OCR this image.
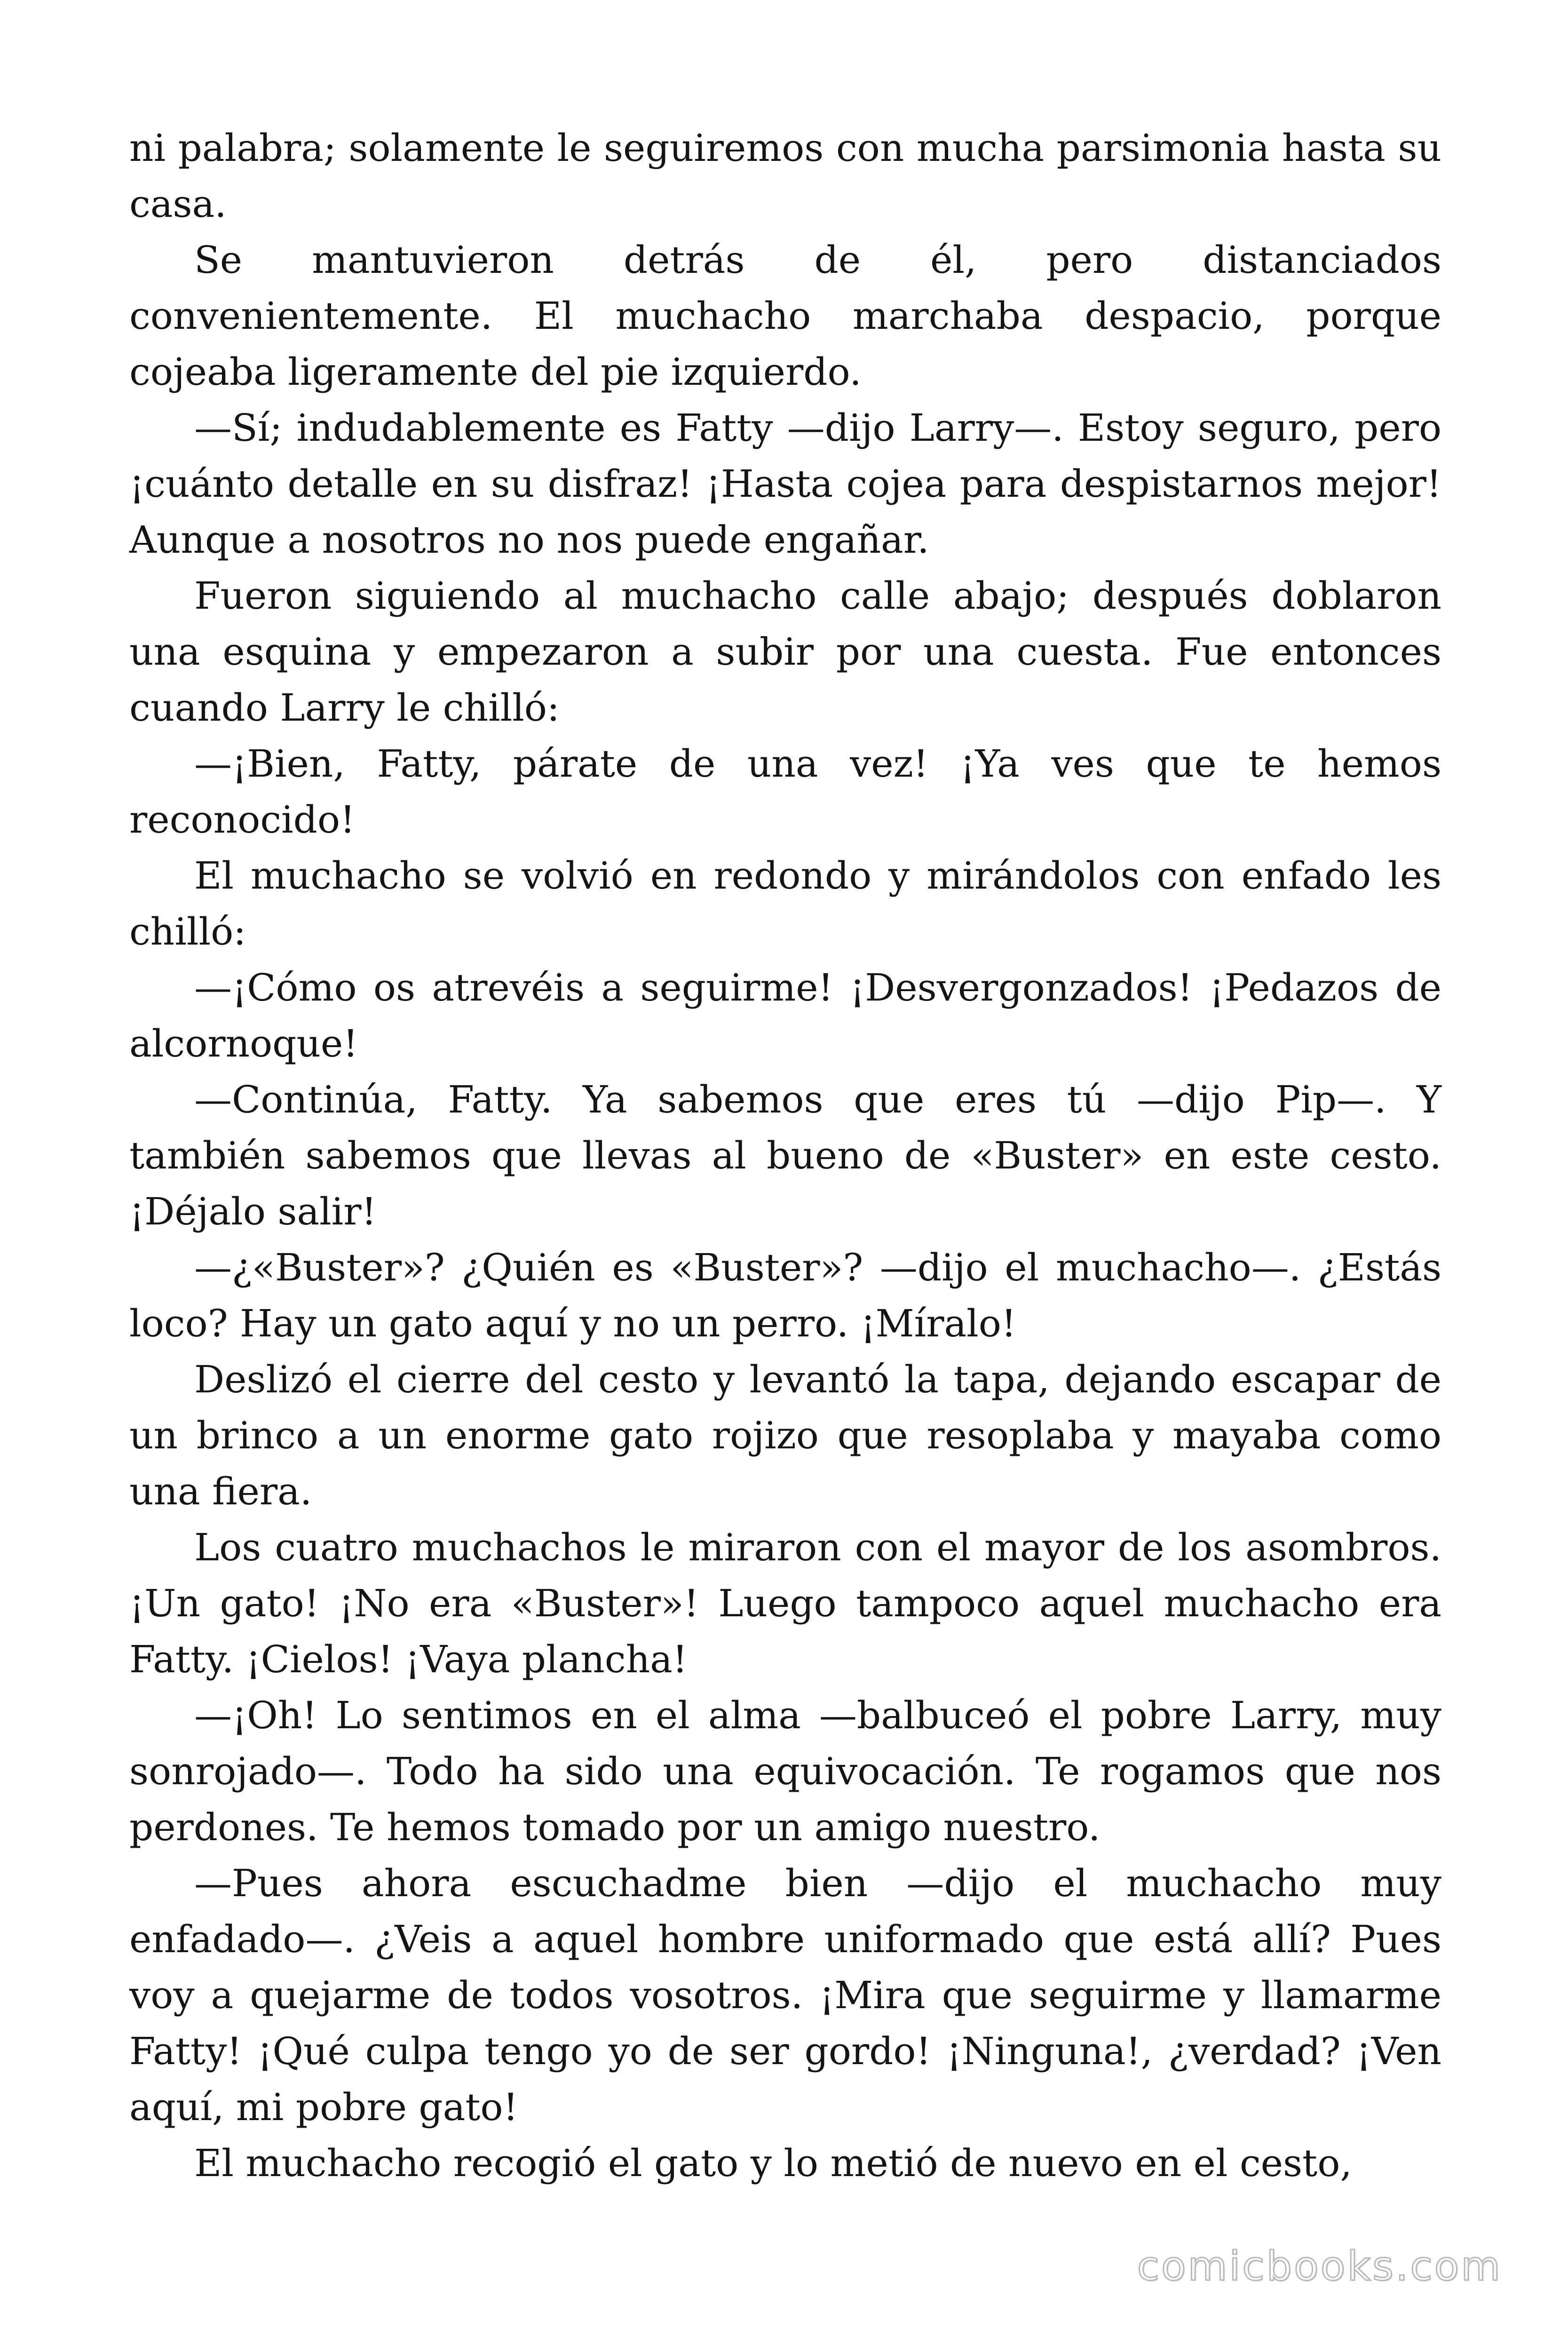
ni palabra; solamente le seguiremos con mucha parsimonia hasta su casa.

Se mantuvieron detrás de él, pero distanciados convenientemente. El muchacho marchaba despacio, porque cojeaba ligeramente del pie izquierdo.

—Sí; indudablemente es Fatty —dijo Larry—. Estoy seguro, pero ¡cuánto detalle en su disfraz! ¡Hasta cojea para despistarnos mejor! Aunque a nosotros no nos puede engañar.

Fueron siguiendo al muchacho calle abajo; después doblaron una esquina y empezaron a subir por una cuesta. Fue entonces cuando Larry le chilló:

—¡Bien, Fatty, párate de una vez! ¡Ya ves que te hemos reconocido!

El muchacho se volvió en redondo y mirándolos con enfado les chilló:

—¡Cómo os atrevéis a seguirme! ¡Desvergonzados! ¡Pedazos de alcornoque!

—Continúa, Fatty. Ya sabemos que eres tú —dijo Pip—. Y también sabemos que llevas al bueno de «Buster» en este cesto. ¡Déjalo salir!

—¿«Buster»? ¿Quién es «Buster»? —dijo el muchacho—. ¿Estás loco? Hay un gato aquí y no un perro. ¡Míralo!

Deslizó el cierre del cesto y levantó la tapa, dejando escapar de un brinco a un enorme gato rojizo que resoplaba y mayaba como una fiera.

Los cuatro muchachos le miraron con el mayor de los asombros. ¡Un gato! ¡No era «Buster»! Luego tampoco aquel muchacho era Fatty. ¡Cielos! ¡Vaya plancha!

—¡Oh! Lo sentimos en el alma —balbuceó el pobre Larry, muy sonrojado—. Todo ha sido una equivocación. Te rogamos que nos perdones. Te hemos tomado por un amigo nuestro.

—Pues ahora escuchadme bien —dijo el muchacho muy enfadado—. ¿Veis a aquel hombre uniformado que está allí? Pues voy a quejarme de todos vosotros. ¡Mira que seguirme y llamarme Fatty! ¡Qué culpa tengo yo de ser gordo! ¡Ninguna!, ¿verdad? ¡Ven aquí, mi pobre gato!

El muchacho recogió el gato y lo metió de nuevo en el cesto,

comicbooks.com
